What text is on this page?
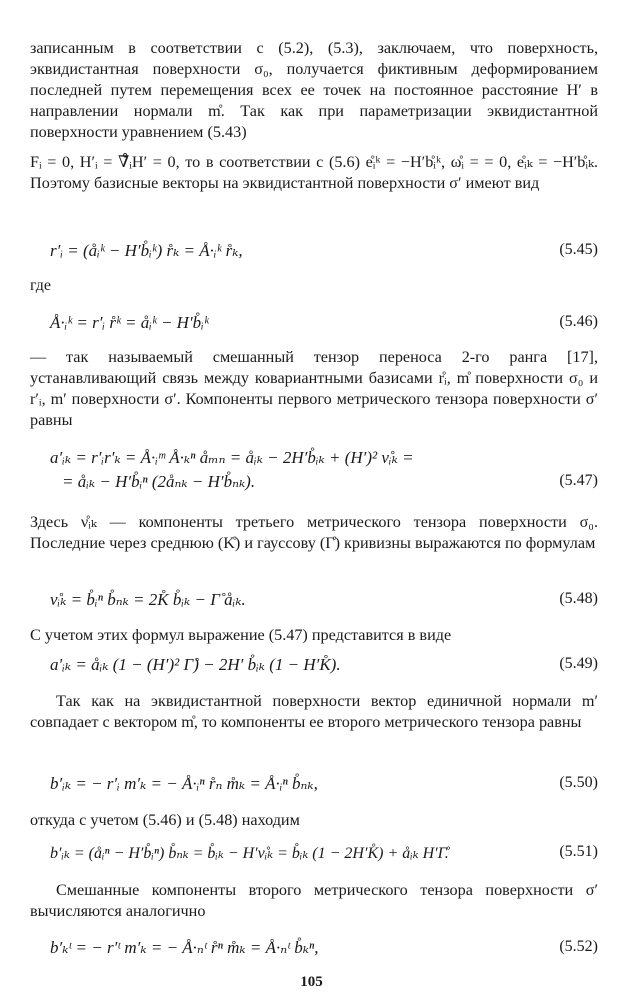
записанным в соответствии с (5.2), (5.3), заключаем, что поверхность, эквидистантная поверхности σ₀, получается фиктивным деформированием последней путем перемещения всех ее точек на постоянное расстояние H′ в направлении нормали m̊. Так как при параметризации эквидистантной поверхности уравнением (5.43)

Fᵢ = 0, H′ᵢ = ∇̊ᵢH′ = 0, то в соответствии с (5.6) e̊ᵢᵏ = −H′b̊ᵢᵏ, ω̊ᵢ = = 0, e̊ᵢₖ = −H′b̊ᵢₖ. Поэтому базисные векторы на эквидистантной поверхности σ′ имеют вид

r′ᵢ = (åᵢᵏ − H′b̊ᵢᵏ) r̊ₖ = Å·ᵢᵏ r̊ₖ,	(5.45)
где
Å·ᵢᵏ = r′ᵢ r̊ᵏ = åᵢᵏ − H′b̊ᵢᵏ	(5.46)

— так называемый смешанный тензор переноса 2-го ранга [17], устанавливающий связь между ковариантными базисами r̊ᵢ, m̊ поверхности σ₀ и r′ᵢ, m′ поверхности σ′. Компоненты первого метрического тензора поверхности σ′ равны

a′ᵢₖ = r′ᵢr′ₖ = Å·ᵢᵐ Å·ₖⁿ åₘₙ = åᵢₖ − 2H′b̊ᵢₖ + (H′)² ν̊ᵢₖ =
= åᵢₖ − H′b̊ᵢⁿ (2åₙₖ − H′b̊ₙₖ).	(5.47)

Здесь ν̊ᵢₖ — компоненты третьего метрического тензора поверхности σ₀. Последние через среднюю (K̊) и гауссову (Γ̊) кривизны выражаются по формулам

ν̊ᵢₖ = b̊ᵢⁿ b̊ₙₖ = 2K̊ b̊ᵢₖ − Γ̊ åᵢₖ.	(5.48)

С учетом этих формул выражение (5.47) представится в виде

a′ᵢₖ = åᵢₖ (1 − (H′)² Γ̊) − 2H′ b̊ᵢₖ (1 − H′K̊).	(5.49)

Так как на эквидистантной поверхности вектор единичной нормали m′ совпадает с вектором m̊, то компоненты ее второго метрического тензора равны

b′ᵢₖ = − r′ᵢ m′ₖ = − Å·ᵢⁿ r̊ₙ m̊ₖ = Å·ᵢⁿ b̊ₙₖ,	(5.50)

откуда с учетом (5.46) и (5.48) находим

b′ᵢₖ = (åᵢⁿ − H′b̊ᵢⁿ) b̊ₙₖ = b̊ᵢₖ − H′ν̊ᵢₖ = b̊ᵢₖ (1 − 2H′K̊) + åᵢₖ H′Γ̊.	(5.51)

Смешанные компоненты второго метрического тензора поверхности σ′ вычисляются аналогично

b′ₖᵗ = − r′ᵗ m′ₖ = − Å·ₙᵗ r̊ⁿ m̊ₖ = Å·ₙᵗ b̊ₖⁿ,	(5.52)
105
